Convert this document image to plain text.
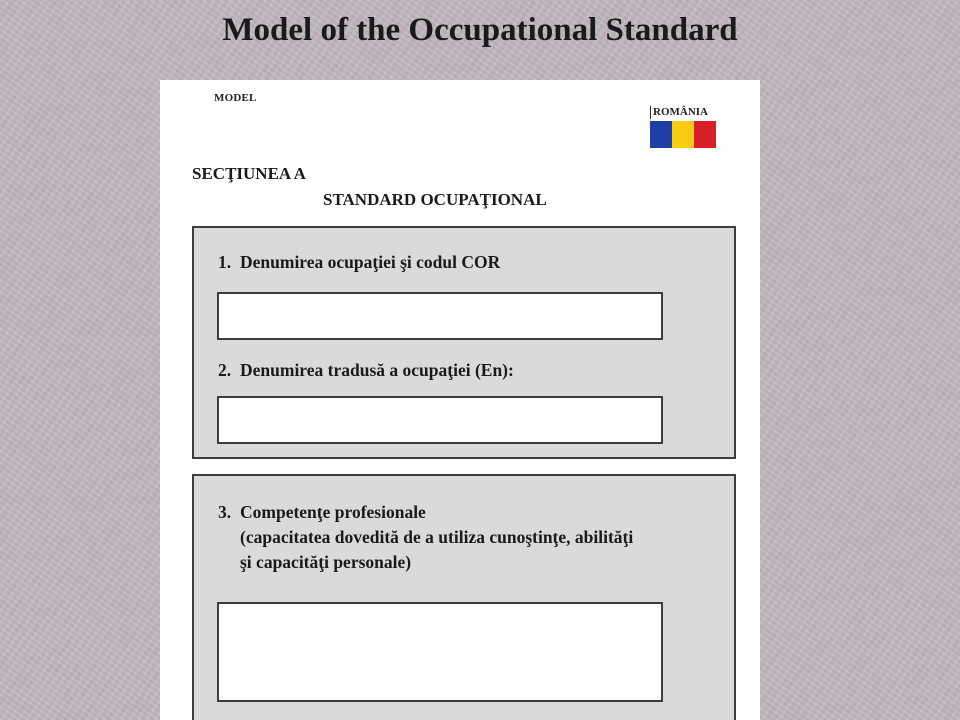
Model of the Occupational Standard
MODEL
ROMÂNIA
SECŢIUNEA A
STANDARD OCUPAŢIONAL
1. Denumirea ocupaţiei şi codul COR
2. Denumirea tradusă a ocupaţiei (En):
3. Competenţe profesionale
(capacitatea dovedită de a utiliza cunoştinţe, abilităţi
şi capacităţi personale)
